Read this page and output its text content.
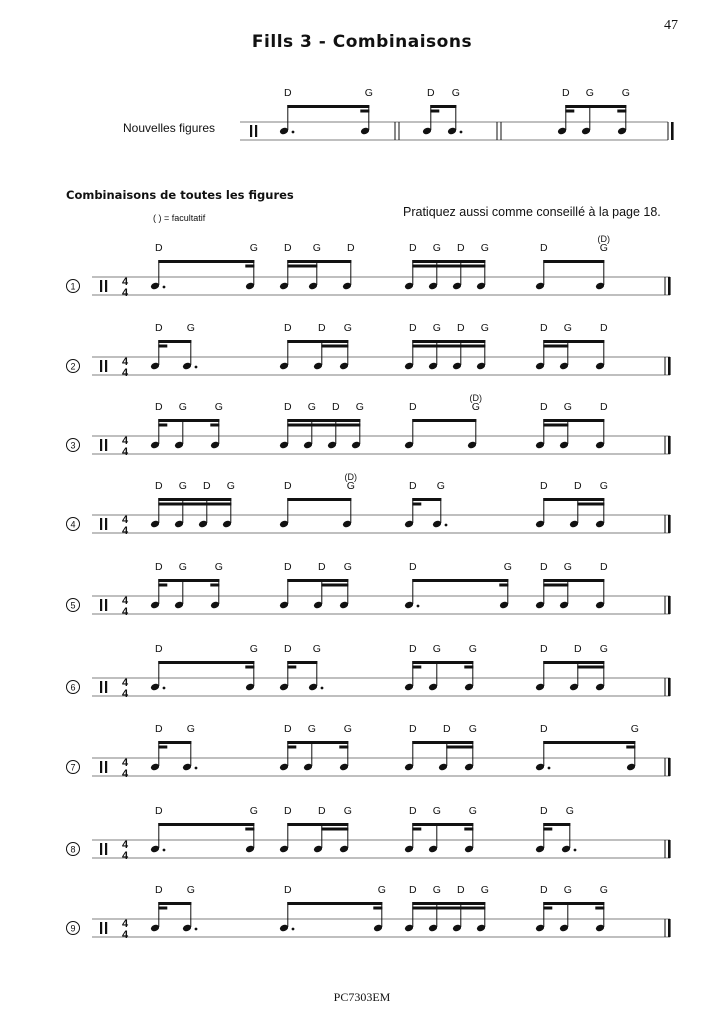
47
Fills 3 - Combinaisons
Nouvelles figures
Combinaisons de toutes les figures
( ) = facultatif	Pratiquez aussi comme conseillé à la page 18.
PC7303EM
D	G	D G	D G	G
1	4
4
2	4
4
3	4
4
4	4
4
5	4
4
6	4
4
7	4
4
8	4
4
9	4
4
D	G D G D	D G D G	D
(D)
G
D G	D	D G	D G D G	D G	D
D G	G	D G D G	D
(D)
G	D G	D
D G D G	D
(D)
G	D G	D	D G
D G	G	D	D G	D	G	D G	D
D	G D G	D G	G	D	D G
D G	D G	G	D	D G	D	G
D	G D	D G	D G	G	D G
D G	D	G D G D G	D G	G
